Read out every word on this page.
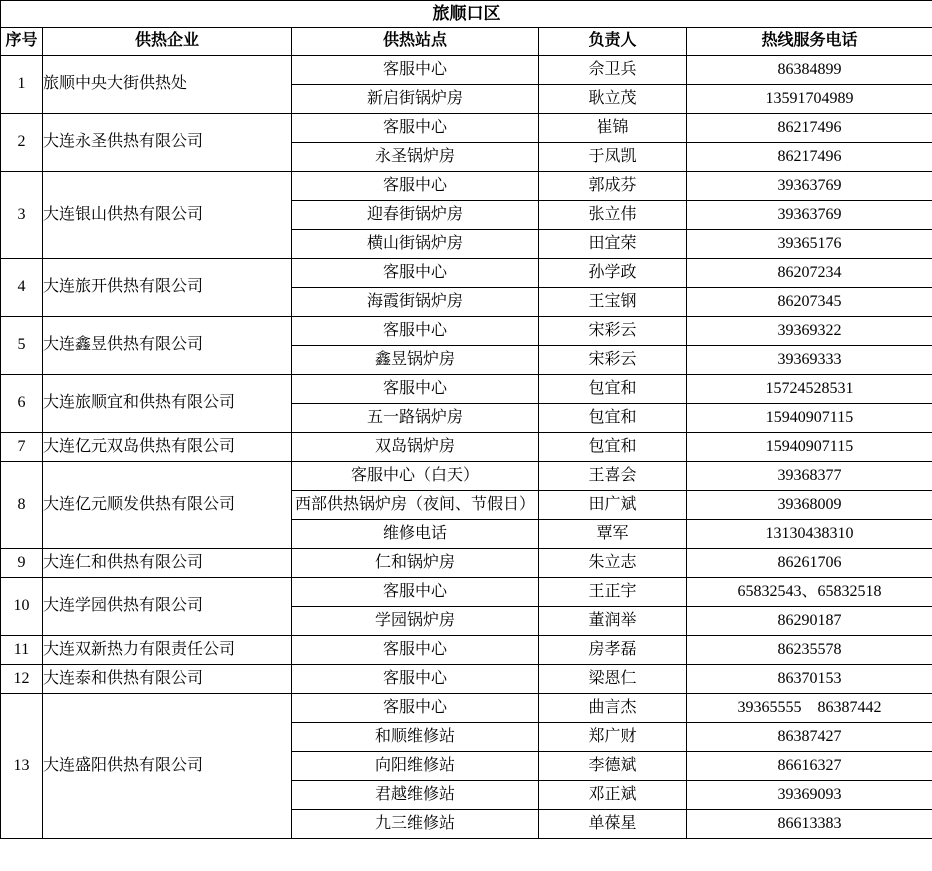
旅顺口区				
序号	供热企业	供热站点	负责人	热线服务电话
1	旅顺中央大街供热处	客服中心	佘卫兵	86384899
		新启街锅炉房	耿立茂	13591704989
2	大连永圣供热有限公司	客服中心	崔锦	86217496
		永圣锅炉房	于凤凯	86217496
3	大连银山供热有限公司	客服中心	郭成芬	39363769
		迎春街锅炉房	张立伟	39363769
		横山街锅炉房	田宜荣	39365176
4	大连旅开供热有限公司	客服中心	孙学政	86207234
		海霞街锅炉房	王宝钢	86207345
5	大连鑫昱供热有限公司	客服中心	宋彩云	39369322
		鑫昱锅炉房	宋彩云	39369333
6	大连旅顺宜和供热有限公司	客服中心	包宜和	15724528531
		五一路锅炉房	包宜和	15940907115
7	大连亿元双岛供热有限公司	双岛锅炉房	包宜和	15940907115
8	大连亿元顺发供热有限公司	客服中心（白天）	王喜会	39368377
		西部供热锅炉房（夜间、节假日）	田广斌	39368009
		维修电话	覃军	13130438310
9	大连仁和供热有限公司	仁和锅炉房	朱立志	86261706
10	大连学园供热有限公司	客服中心	王正宇	65832543、65832518
		学园锅炉房	董润举	86290187
11	大连双新热力有限责任公司	客服中心	房孝磊	86235578
12	大连泰和供热有限公司	客服中心	梁恩仁	86370153
13	大连盛阳供热有限公司	客服中心	曲言杰	39365555　86387442
		和顺维修站	郑广财	86387427
		向阳维修站	李德斌	86616327
		君越维修站	邓正斌	39369093
		九三维修站	单葆星	86613383
